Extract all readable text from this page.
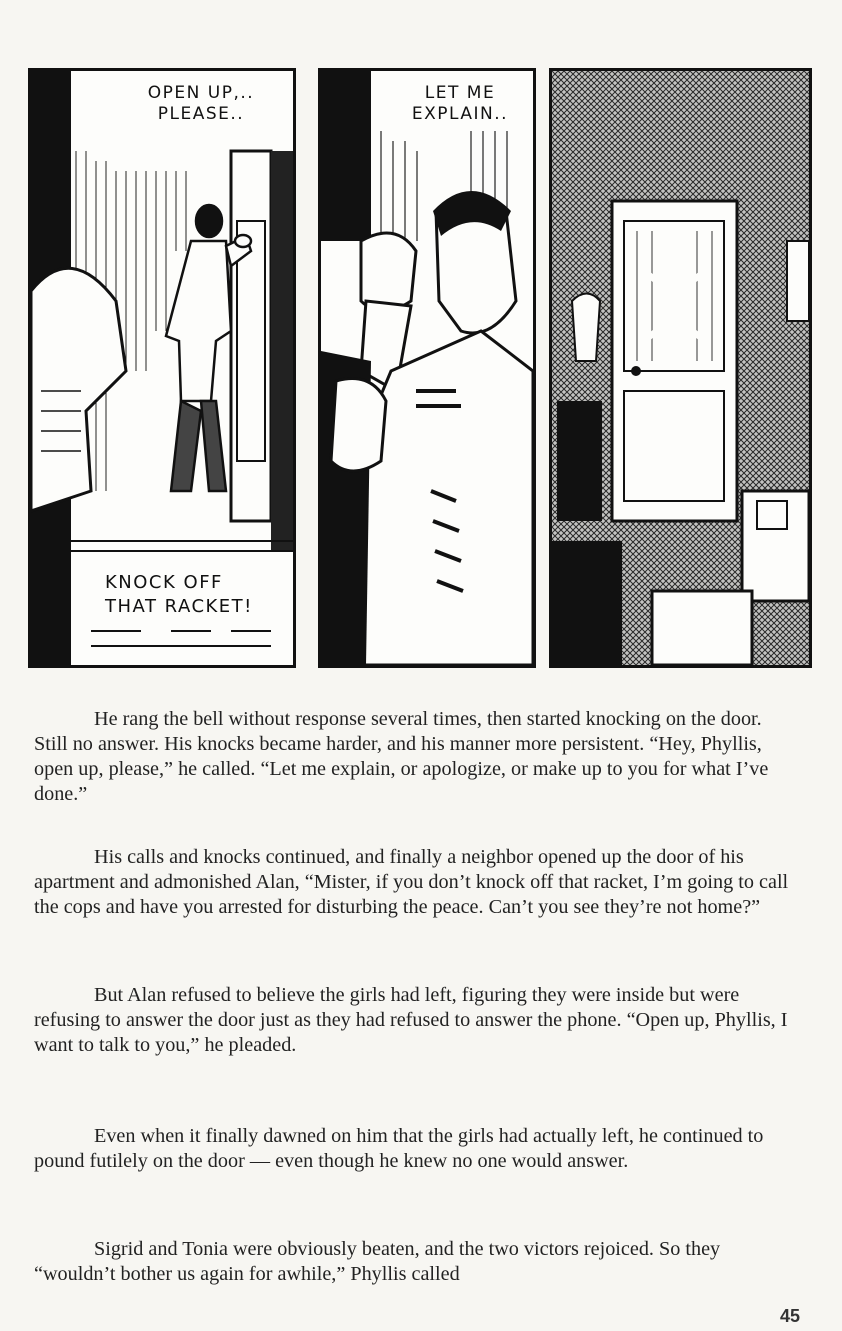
OPEN UP,..
PLEASE..
KNOCK OFF
THAT RACKET!
LET ME
EXPLAIN..

He rang the bell without response several times, then started knocking on the door. Still no answer. His knocks became harder, and his manner more persistent. “Hey, Phyllis, open up, please,” he called. “Let me explain, or apologize, or make up to you for what I’ve done.”

His calls and knocks continued, and finally a neighbor opened up the door of his apartment and admonished Alan, “Mister, if you don’t knock off that racket, I’m going to call the cops and have you arrested for disturbing the peace. Can’t you see they’re not home?”

But Alan refused to believe the girls had left, figuring they were inside but were refusing to answer the door just as they had refused to answer the phone. “Open up, Phyllis, I want to talk to you,” he pleaded.

Even when it finally dawned on him that the girls had actually left, he continued to pound futilely on the door — even though he knew no one would answer.

Sigrid and Tonia were obviously beaten, and the two victors rejoiced. So they “wouldn’t bother us again for awhile,” Phyllis called

45
